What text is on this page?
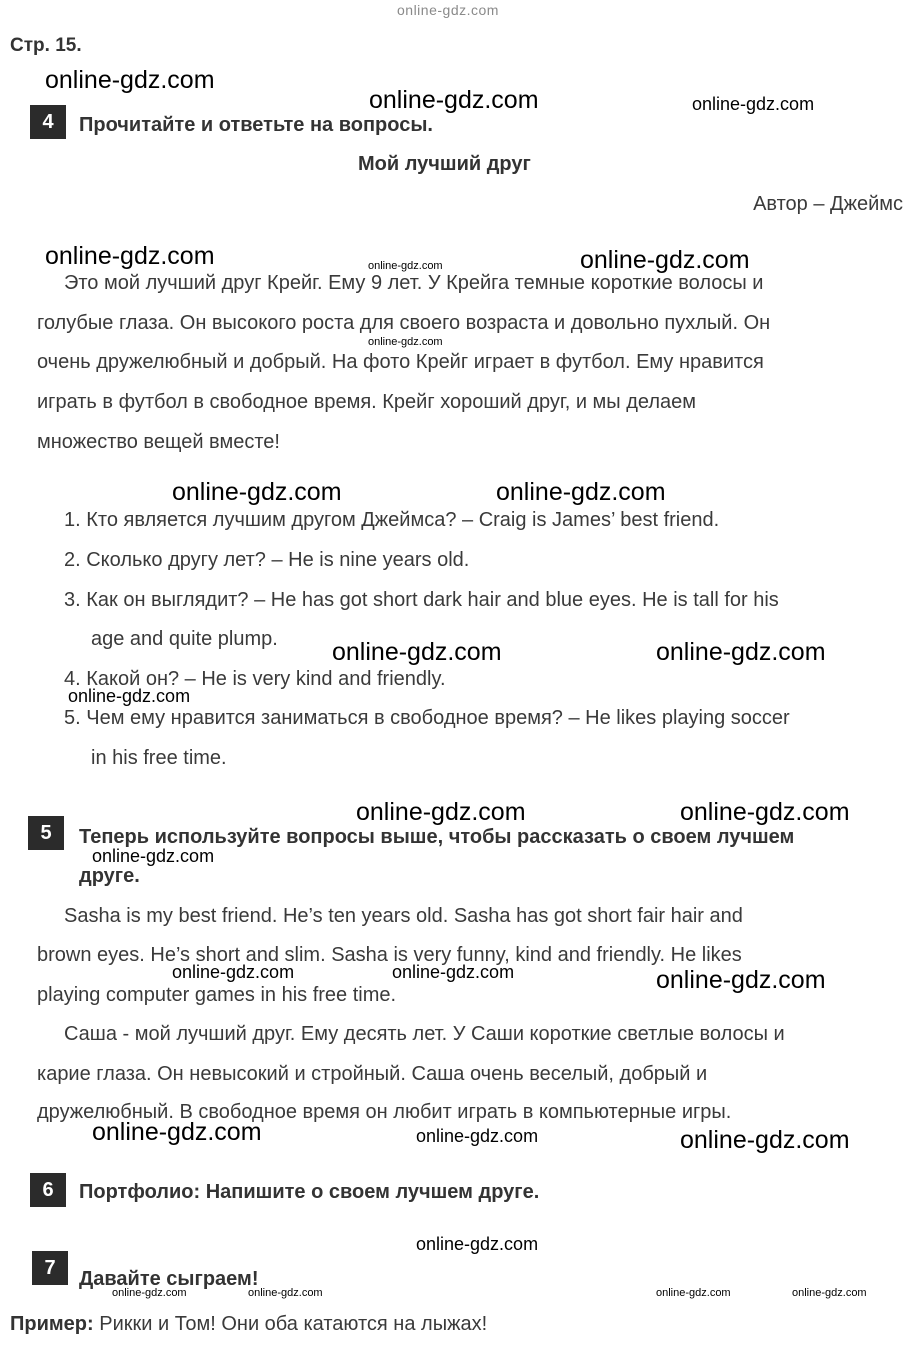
online-gdz.com
Стр. 15.
4	Прочитайте и ответьте на вопросы.
Мой лучший друг
Автор – Джеймс
Это мой лучший друг Крейг. Ему 9 лет. У Крейга темные короткие волосы и
голубые глаза. Он высокого роста для своего возраста и довольно пухлый. Он
очень дружелюбный и добрый. На фото Крейг играет в футбол. Ему нравится
играть в футбол в свободное время. Крейг хороший друг, и мы делаем
множество вещей вместе!
1. Кто является лучшим другом Джеймса? – Craig is James’ best friend.
2. Сколько другу лет? – He is nine years old.
3. Как он выглядит? – He has got short dark hair and blue eyes. He is tall for his
age and quite plump.
4. Какой он? – He is very kind and friendly.
5. Чем ему нравится заниматься в свободное время? – He likes playing soccer
in his free time.
5	Теперь используйте вопросы выше, чтобы рассказать о своем лучшем
друге.
Sasha is my best friend. He’s ten years old. Sasha has got short fair hair and
brown eyes. He’s short and slim. Sasha is very funny, kind and friendly. He likes
playing computer games in his free time.
Саша - мой лучший друг. Ему десять лет. У Саши короткие светлые волосы и
карие глаза. Он невысокий и стройный. Саша очень веселый, добрый и
дружелюбный. В свободное время он любит играть в компьютерные игры.
6	Портфолио: Напишите о своем лучшем друге.
7
Давайте сыграем!
Пример: Рикки и Том! Они оба катаются на лыжах!
online-gdz.com
online-gdz.com
online-gdz.com	online-gdz.com
online-gdz.com	online-gdz.com
online-gdz.com	online-gdz.com
online-gdz.com	online-gdz.com
online-gdz.com
online-gdz.com	online-gdz.com
online-gdz.com
online-gdz.com
online-gdz.com
online-gdz.com	online-gdz.com
online-gdz.com
online-gdz.com
online-gdz.com
online-gdz.com
online-gdz.com	online-gdz.com	online-gdz.com	online-gdz.com
